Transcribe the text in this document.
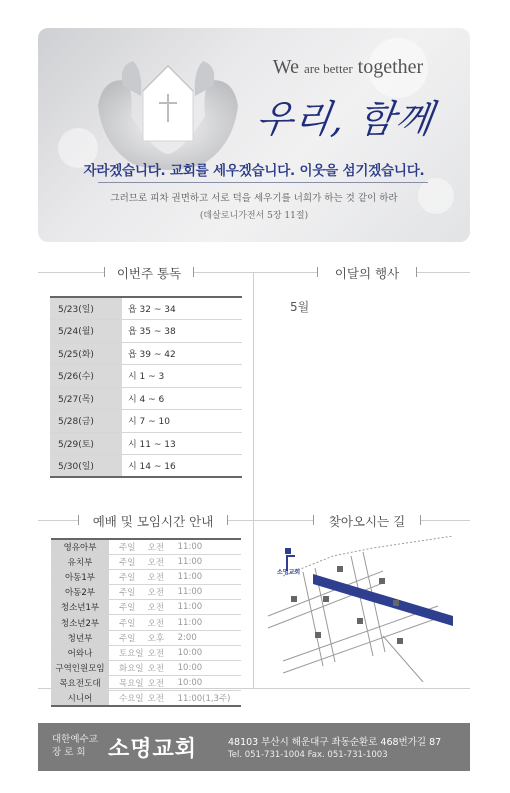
We are better together
우리, 함께
자라겠습니다. 교회를 세우겠습니다. 이웃을 섬기겠습니다.
그러므로 피차 권면하고 서로 덕을 세우기를 너희가 하는 것 같이 하라
(데살로니가전서 5장 11절)
이번주 통독	이달의 행사
예배 및 모임시간 안내	찾아오시는 길
5/23(일)	욥 32 ~ 34
5/24(월)	욥 35 ~ 38
5/25(화)	욥 39 ~ 42
5/26(수)	시 1 ~ 3
5/27(목)	시 4 ~ 6
5/28(금)	시 7 ~ 10
5/29(토)	시 11 ~ 13
5/30(일)	시 14 ~ 16
5월
영유아부	주일	오전	11:00
유치부	주일	오전	11:00
아동1부	주일	오전	11:00
아동2부	주일	오전	11:00
청소년1부	주일	오전	11:00
청소년2부	주일	오전	11:00
청년부	주일	오후	2:00
어와나	토요일	오전	10:00
구역인원모임	화요일	오전	10:00
목요전도대	목요일	오전	10:00
시니어	수요일	오전	11:00(1,3주)
소명교회
대한예수교
장 로 회	소명교회	48103 부산시 해운대구 좌동순환로 468번가길 87
Tel. 051-731-1004 Fax. 051-731-1003
